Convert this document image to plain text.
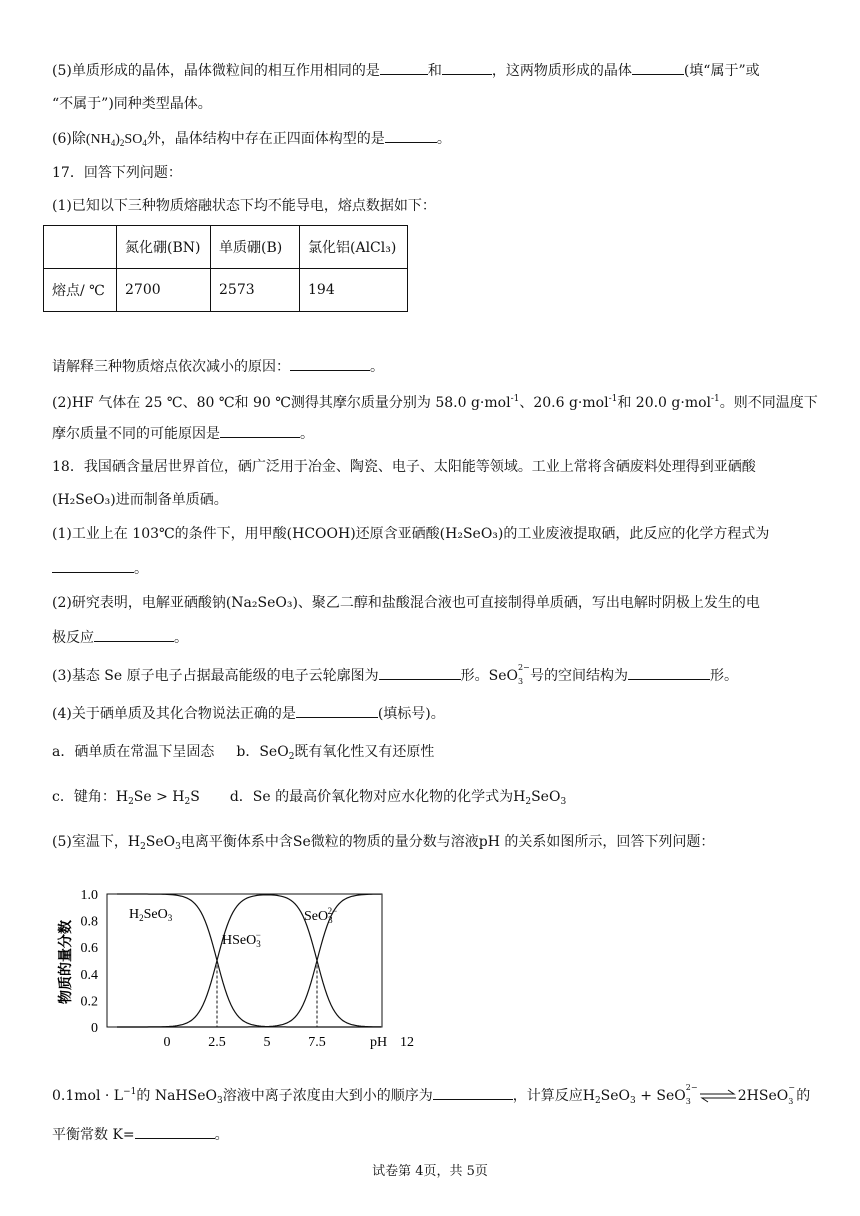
(5)单质形成的晶体，晶体微粒间的相互作用相同的是	和	，这两物质形成的晶体	(填“属于”或
“不属于”)同种类型晶体。
(6)除$(NH_4)_2SO_4$外，晶体结构中存在正四面体构型的是	。
17．回答下列问题：
(1)已知以下三种物质熔融状态下均不能导电，熔点数据如下：
	氮化硼(BN)	单质硼(B)	氯化铝(AlCl₃)
熔点/ ℃	2700	2573	194
请解释三种物质熔点依次减小的原因：	。
(2)HF 气体在 25 ℃、80 ℃和 90 ℃测得其摩尔质量分别为 58.0 g·mol$^{-1}$、20.6 g·mol$^{-1}$和 20.0 g·mol$^{-1}$。则不同温度下
摩尔质量不同的可能原因是	。
18．我国硒含量居世界首位，硒广泛用于冶金、陶瓷、电子、太阳能等领域。工业上常将含硒废料处理得到亚硒酸
(H₂SeO₃)进而制备单质硒。
(1)工业上在 103℃的条件下，用甲酸(HCOOH)还原含亚硒酸(H₂SeO₃)的工业废液提取硒，此反应的化学方程式为
。
(2)研究表明，电解亚硒酸钠(Na₂SeO₃)、聚乙二醇和盐酸混合液也可直接制得单质硒，写出电解时阴极上发生的电
极反应	。
(3)基态 Se 原子电子占据最高能级的电子云轮廓图为	形。SeO
2−
3 号的空间结构为	形。
(4)关于硒单质及其化合物说法正确的是	(填标号)。
a．硒单质在常温下呈固态 b．SeO$_2$既有氧化性又有还原性
c．键角：$H_2Se > H_2S$ d．Se 的最高价氧化物对应水化物的化学式为$H_2SeO_3$
(5)室温下，$H_2SeO_3$电离平衡体系中含Se微粒的物质的量分数与溶液pH 的关系如图所示，回答下列问题：
物质的量分数
0
0.2
0.4
0.6
0.8
1.0
0	2.5	5	7.5	12
pH
$H_2SeO_3$
HSeO$_3$−
SeO$_3$2−
$0.1mol \cdot L^{-1}$的 NaHSeO$_3$溶液中离子浓度由大到小的顺序为	，计算反应$H_2SeO_3$ + SeO
2−
3 ⇌2HSeO
−
3 的
平衡常数 K=	。
试卷第 4页，共 5页
